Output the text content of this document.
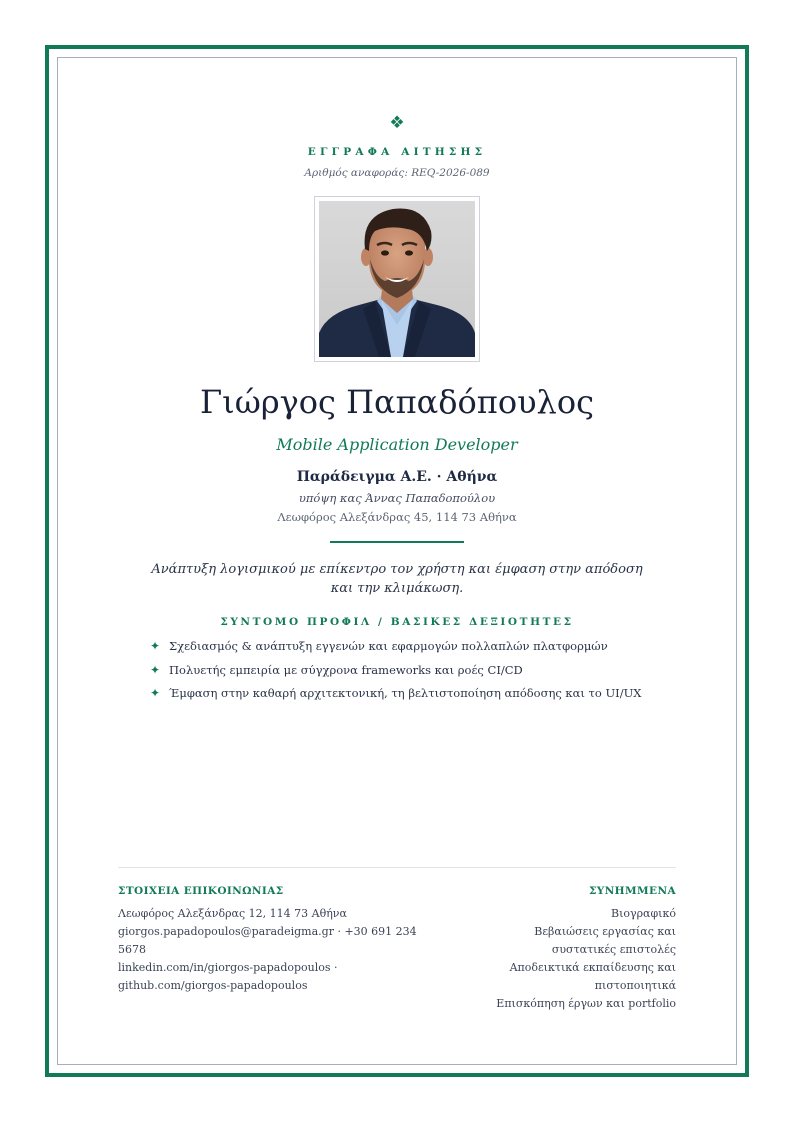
❖
ΕΓΓΡΑΦΑ ΑΙΤΗΣΗΣ
Αριθμός αναφοράς: REQ-2026-089
Γιώργος Παπαδόπουλος
Mobile Application Developer
Παράδειγμα Α.Ε. · Αθήνα
υπόψη κας Άννας Παπαδοπούλου
Λεωφόρος Αλεξάνδρας 45, 114 73 Αθήνα
Ανάπτυξη λογισμικού με επίκεντρο τον χρήστη και έμφαση στην απόδοση και την κλιμάκωση.
ΣΥΝΤΟΜΟ ΠΡΟΦΙΛ / ΒΑΣΙΚΕΣ ΔΕΞΙΟΤΗΤΕΣ
✦ Σχεδιασμός & ανάπτυξη εγγενών και εφαρμογών πολλαπλών πλατφορμών
✦ Πολυετής εμπειρία με σύγχρονα frameworks και ροές CI/CD
✦ Έμφαση στην καθαρή αρχιτεκτονική, τη βελτιστοποίηση απόδοσης και το UI/UX
ΣΤΟΙΧΕΙΑ ΕΠΙΚΟΙΝΩΝΙΑΣ
Λεωφόρος Αλεξάνδρας 12, 114 73 Αθήνα
giorgos.papadopoulos@paradeigma.gr · +30 691 234 5678
linkedin.com/in/giorgos-papadopoulos ·
github.com/giorgos-papadopoulos
ΣΥΝΗΜΜΕΝΑ
Βιογραφικό
Βεβαιώσεις εργασίας και συστατικές επιστολές
Αποδεικτικά εκπαίδευσης και πιστοποιητικά
Επισκόπηση έργων και portfolio
